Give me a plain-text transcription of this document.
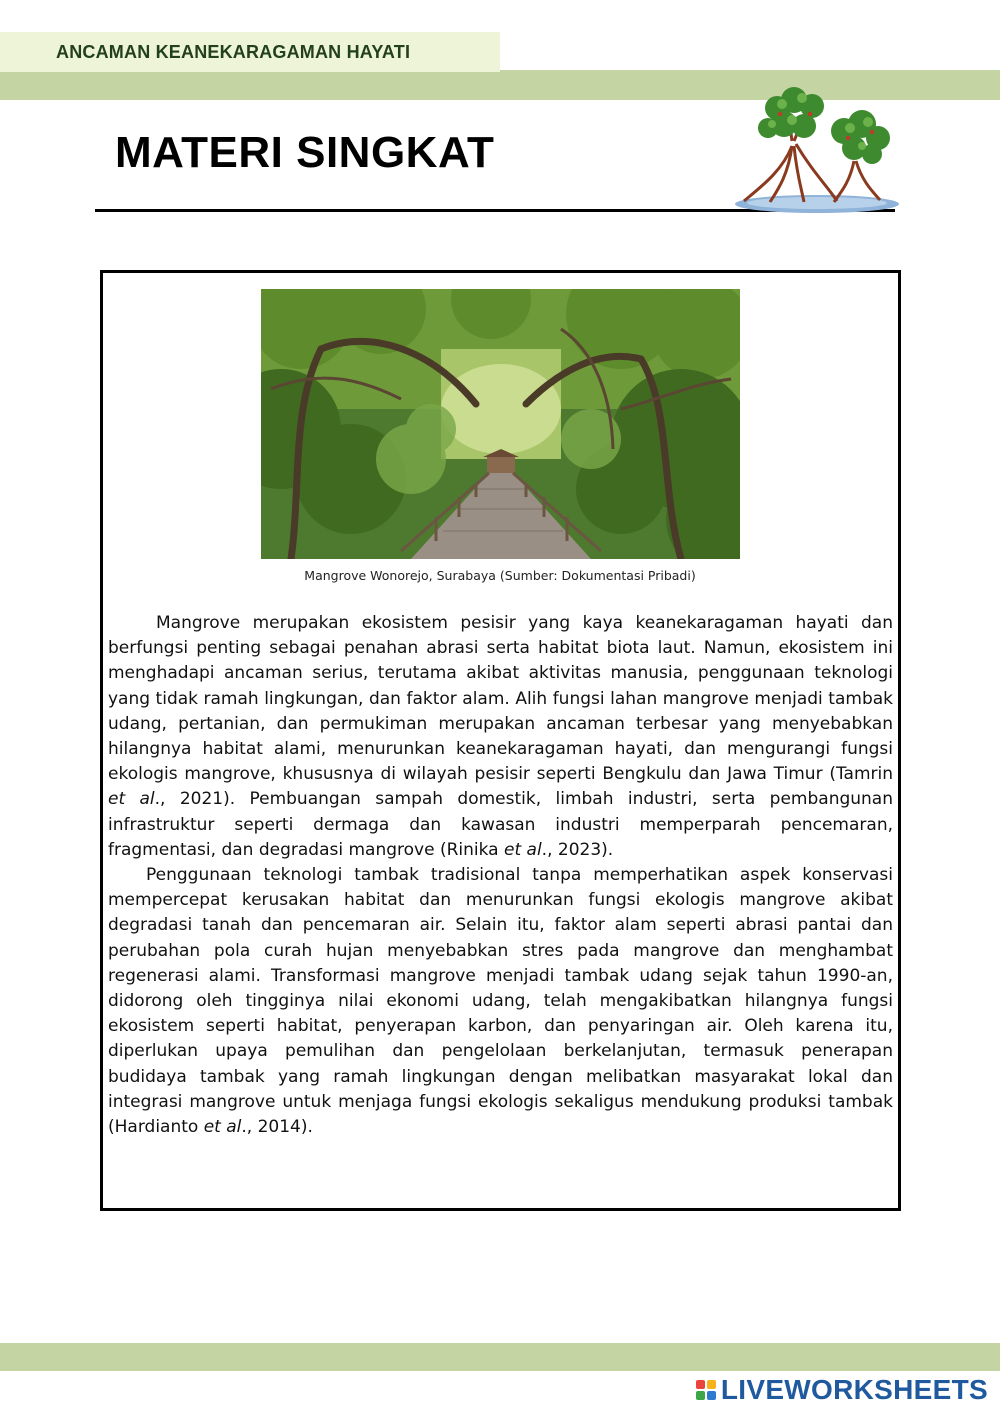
ANCAMAN KEANEKARAGAMAN HAYATI
MATERI SINGKAT

Mangrove Wonorejo, Surabaya (Sumber: Dokumentasi Pribadi)

Mangrove merupakan ekosistem pesisir yang kaya keanekaragaman hayati dan berfungsi penting sebagai penahan abrasi serta habitat biota laut. Namun, ekosistem ini menghadapi ancaman serius, terutama akibat aktivitas manusia, penggunaan teknologi yang tidak ramah lingkungan, dan faktor alam. Alih fungsi lahan mangrove menjadi tambak udang, pertanian, dan permukiman merupakan ancaman terbesar yang menyebabkan hilangnya habitat alami, menurunkan keanekaragaman hayati, dan mengurangi fungsi ekologis mangrove, khususnya di wilayah pesisir seperti Bengkulu dan Jawa Timur (Tamrin et al., 2021). Pembuangan sampah domestik, limbah industri, serta pembangunan infrastruktur seperti dermaga dan kawasan industri memperparah pencemaran, fragmentasi, dan degradasi mangrove (Rinika et al., 2023).

Penggunaan teknologi tambak tradisional tanpa memperhatikan aspek konservasi mempercepat kerusakan habitat dan menurunkan fungsi ekologis mangrove akibat degradasi tanah dan pencemaran air. Selain itu, faktor alam seperti abrasi pantai dan perubahan pola curah hujan menyebabkan stres pada mangrove dan menghambat regenerasi alami. Transformasi mangrove menjadi tambak udang sejak tahun 1990-an, didorong oleh tingginya nilai ekonomi udang, telah mengakibatkan hilangnya fungsi ekosistem seperti habitat, penyerapan karbon, dan penyaringan air. Oleh karena itu, diperlukan upaya pemulihan dan pengelolaan berkelanjutan, termasuk penerapan budidaya tambak yang ramah lingkungan dengan melibatkan masyarakat lokal dan integrasi mangrove untuk menjaga fungsi ekologis sekaligus mendukung produksi tambak (Hardianto et al., 2014).

LIVEWORKSHEETS
